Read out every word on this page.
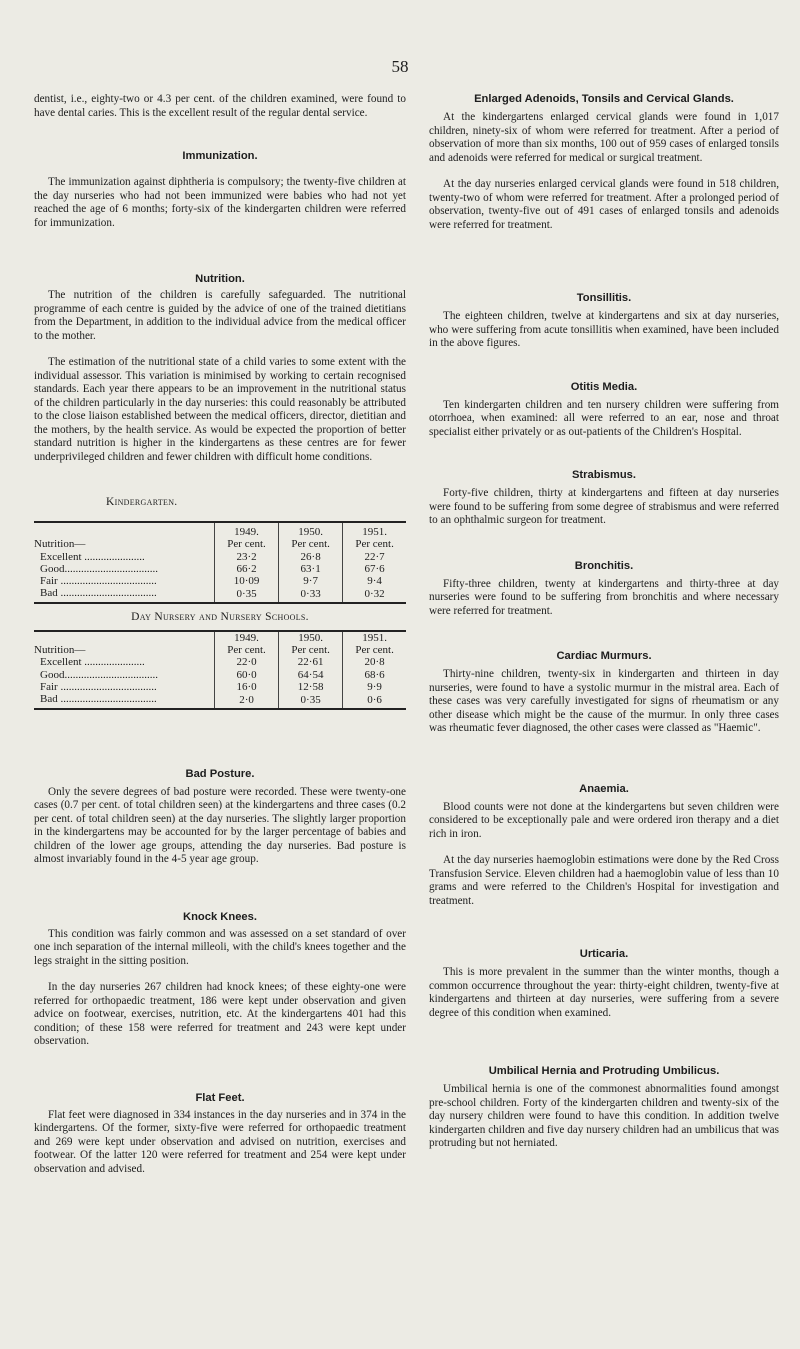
58

dentist, i.e., eighty-two or 4.3 per cent. of the children examined, were found to have dental caries. This is the excellent result of the regular dental service.

Immunization.

The immunization against diphtheria is compulsory; the twenty-five children at the day nurseries who had not been immunized were babies who had not yet reached the age of 6 months; forty-six of the kindergarten children were referred for immunization.

Nutrition.

The nutrition of the children is carefully safeguarded. The nutritional programme of each centre is guided by the advice of one of the trained dietitians from the Department, in addition to the individual advice from the medical officer to the mother.

The estimation of the nutritional state of a child varies to some extent with the individual assessor. This variation is minimised by working to certain recognised standards. Each year there appears to be an improvement in the nutritional status of the children particularly in the day nurseries: this could reasonably be attributed to the close liaison established between the medical officers, director, dietitian and the mothers, by the health service. As would be expected the proportion of better standard nutrition is higher in the kindergartens as these centres are for fewer underprivileged children and fewer children with difficult home conditions.

Kindergarten.
	1949.	1950.	1951.
Nutrition—	Per cent.	Per cent.	Per cent.
Excellent ......................	23·2	26·8	22·7
Good..................................	66·2	63·1	67·6
Fair ...................................	10·09	9·7	9·4
Bad ...................................	0·35	0·33	0·32
Day Nursery and Nursery Schools.
	1949.	1950.	1951.
Nutrition—	Per cent.	Per cent.	Per cent.
Excellent ......................	22·0	22·61	20·8
Good..................................	60·0	64·54	68·6
Fair ...................................	16·0	12·58	9·9
Bad ...................................	2·0	0·35	0·6
Bad Posture.

Only the severe degrees of bad posture were recorded. These were twenty-one cases (0.7 per cent. of total children seen) at the kindergartens and three cases (0.2 per cent. of total children seen) at the day nurseries. The slightly larger proportion in the kindergartens may be accounted for by the larger percentage of babies and children of the lower age groups, attending the day nurseries. Bad posture is almost invariably found in the 4-5 year age group.

Knock Knees.

This condition was fairly common and was assessed on a set standard of over one inch separation of the internal milleoli, with the child's knees together and the legs straight in the sitting position.

In the day nurseries 267 children had knock knees; of these eighty-one were referred for orthopaedic treatment, 186 were kept under observation and given advice on footwear, exercises, nutrition, etc. At the kindergartens 401 had this condition; of these 158 were referred for treatment and 243 were kept under observation.

Flat Feet.

Flat feet were diagnosed in 334 instances in the day nurseries and in 374 in the kindergartens. Of the former, sixty-five were referred for orthopaedic treatment and 269 were kept under observation and advised on nutrition, exercises and footwear. Of the latter 120 were referred for treatment and 254 were kept under observation and advised.

Enlarged Adenoids, Tonsils and Cervical Glands.

At the kindergartens enlarged cervical glands were found in 1,017 children, ninety-six of whom were referred for treatment. After a period of observation of more than six months, 100 out of 959 cases of enlarged tonsils and adenoids were referred for medical or surgical treatment.

At the day nurseries enlarged cervical glands were found in 518 children, twenty-two of whom were referred for treatment. After a prolonged period of observation, twenty-five out of 491 cases of enlarged tonsils and adenoids were referred for treatment.

Tonsillitis.

The eighteen children, twelve at kindergartens and six at day nurseries, who were suffering from acute tonsillitis when examined, have been included in the above figures.

Otitis Media.

Ten kindergarten children and ten nursery children were suffering from otorrhoea, when examined: all were referred to an ear, nose and throat specialist either privately or as out-patients of the Children's Hospital.

Strabismus.

Forty-five children, thirty at kindergartens and fifteen at day nurseries were found to be suffering from some degree of strabismus and were referred to an ophthalmic surgeon for treatment.

Bronchitis.

Fifty-three children, twenty at kindergartens and thirty-three at day nurseries were found to be suffering from bronchitis and where necessary were referred for treatment.

Cardiac Murmurs.

Thirty-nine children, twenty-six in kindergarten and thirteen in day nurseries, were found to have a systolic murmur in the mistral area. Each of these cases was very carefully investigated for signs of rheumatism or any other disease which might be the cause of the murmur. In only three cases was rheumatic fever diagnosed, the other cases were classed as "Haemic".

Anaemia.

Blood counts were not done at the kindergartens but seven children were considered to be exceptionally pale and were ordered iron therapy and a diet rich in iron.

At the day nurseries haemoglobin estimations were done by the Red Cross Transfusion Service. Eleven children had a haemoglobin value of less than 10 grams and were referred to the Children's Hospital for investigation and treatment.

Urticaria.

This is more prevalent in the summer than the winter months, though a common occurrence throughout the year: thirty-eight children, twenty-five at kindergartens and thirteen at day nurseries, were suffering from a severe degree of this condition when examined.

Umbilical Hernia and Protruding Umbilicus.

Umbilical hernia is one of the commonest abnormalities found amongst pre-school children. Forty of the kindergarten children and twenty-six of the day nursery children were found to have this condition. In addition twelve kindergarten children and five day nursery children had an umbilicus that was protruding but not herniated.
